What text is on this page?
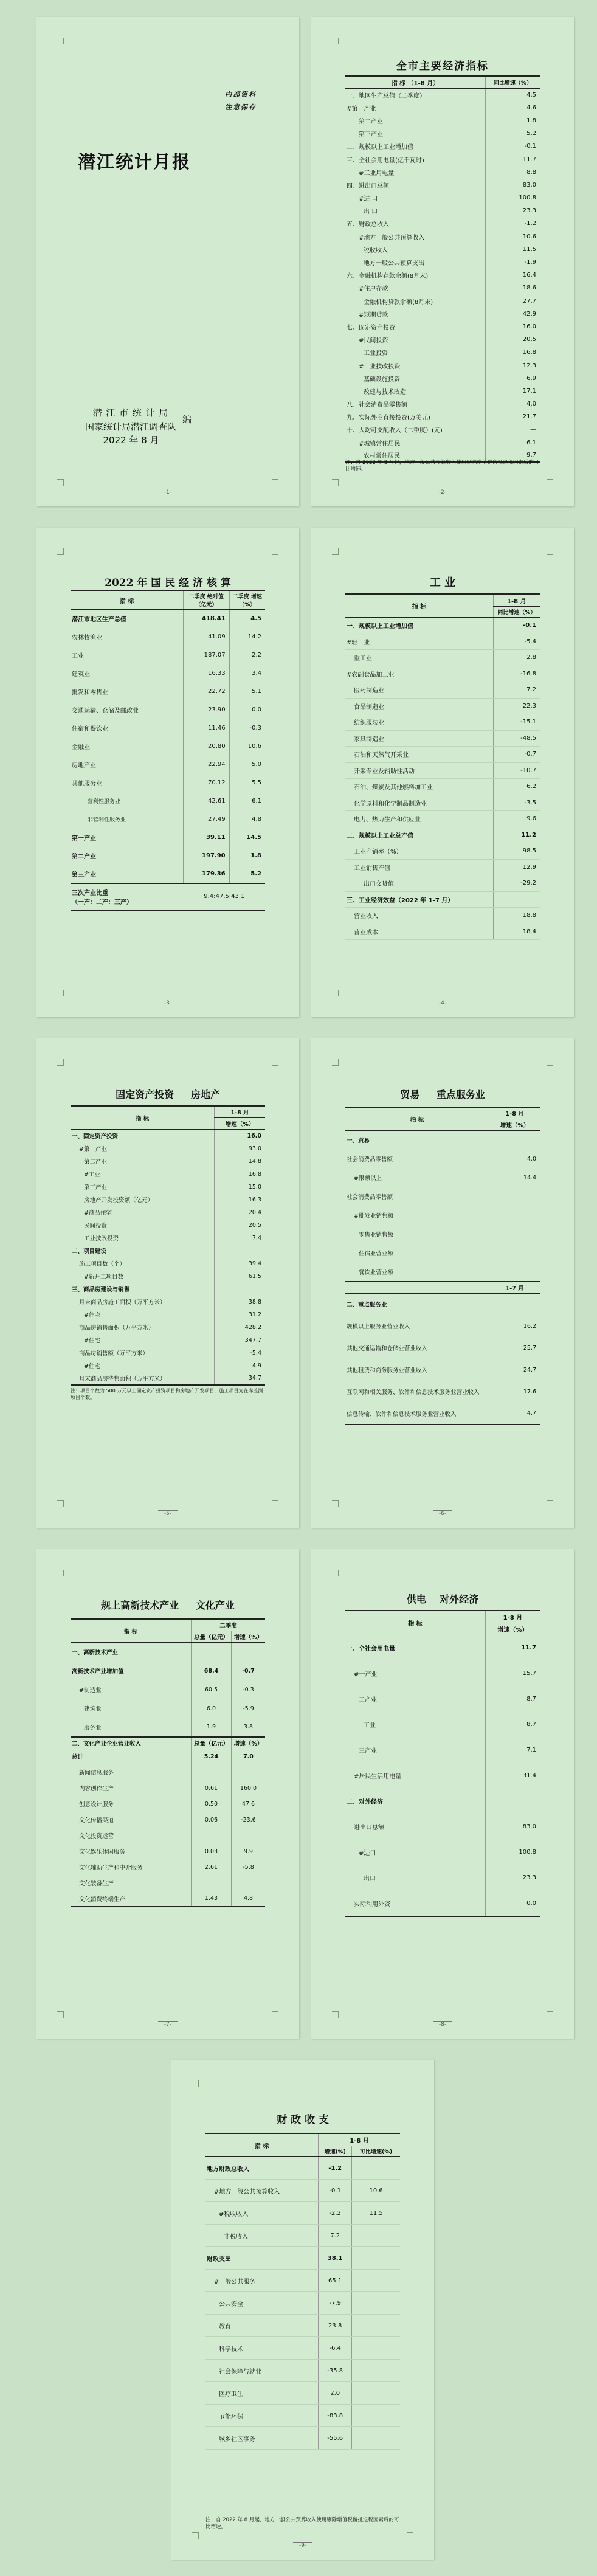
内部资料
注意保存
潜江统计月报
潜 江 市 统 计 局
国家统计局潜江调查队
编
2022 年 8 月
-1-
全市主要经济指标
指 标 （1-8 月）	同比增速（%）
一、地区生产总值（二季度）	4.5
#第一产业	4.6
第二产业	1.8
第三产业	5.2
二、规模以上工业增加值	-0.1
三、全社会用电量(亿千瓦时)	11.7
#工业用电量	8.8
四、进出口总额	83.0
#进 口	100.8
出 口	23.3
五、财政总收入	-1.2
#地方一般公共预算收入	10.6
税收收入	11.5
地方一般公共预算支出	-1.9
六、金融机构存款余额(8月末)	16.4
#住户存款	18.6
金融机构贷款余额(8月末)	27.7
#短期贷款	42.9
七、固定资产投资	16.0
#民间投资	20.5
工业投资	16.8
#工业技改投资	12.3
基础设施投资	6.9
改建与技术改造	17.1
八、社会消费品零售额	4.0
九、实际外商直接投资(万美元)	21.7
十、人均可支配收入（二季度）(元)	—
#城镇常住居民	6.1
农村常住居民	9.7
注：自 2022 年 8 月起，地方一般公共预算收入使用剔除增值税留抵退税因素后的可比增速。
-2-
2022 年 国 民 经 济 核 算
指 标	二季度 绝对值（亿元）	二季度 增速（%）
潜江市地区生产总值	418.41	4.5
农林牧渔业	41.09	14.2
工业	187.07	2.2
建筑业	16.33	3.4
批发和零售业	22.72	5.1
交通运输、仓储及邮政业	23.90	0.0
住宿和餐饮业	11.46	-0.3
金融业	20.80	10.6
房地产业	22.94	5.0
其他服务业	70.12	5.5
营利性服务业	42.61	6.1
非营利性服务业	27.49	4.8
第一产业	39.11	14.5
第二产业	197.90	1.8
第三产业	179.36	5.2

三次产业比重
（一产：二产：三产）	9.4:47.5:43.1	
-3-
工 业
指 标	1-8 月
	同比增速（%）
一、规模以上工业增加值	-0.1
#轻工业	-5.4
重工业	2.8
#农副食品加工业	-16.8
医药制造业	7.2
食品制造业	22.3
纺织服装业	-15.1
家具制造业	-48.5
石油和天然气开采业	-0.7
开采专业及辅助性活动	-10.7
石油、煤炭及其他燃料加工业	6.2
化学原料和化学制品制造业	-3.5
电力、热力生产和供应业	9.6
二、规模以上工业总产值	11.2
工业产销率（%）	98.5
工业销售产值	12.9
出口交货值	-29.2
三、工业经济效益（2022 年 1-7 月）	
营业收入	18.8
营业成本	18.4
-4-
固定资产投资     房地产
指 标	1-8 月
	增速（%）
一、固定资产投资	16.0
#第一产业	93.0
第二产业	14.8
#工业	16.8
第三产业	15.0
房地产开发投资额（亿元）	16.3
#商品住宅	20.4
民间投资	20.5
工业技改投资	7.4
二、项目建设	
施工项目数（个）	39.4
#新开工项目数	61.5
三、商品房建设与销售	
月末商品房施工面积（万平方米）	38.8
#住宅	31.2
商品房销售面积（万平方米）	428.2
#住宅	347.7
商品房销售额（万平方米）	-5.4
#住宅	4.9
月末商品房待售面积（万平方米）	34.7
注：项目个数为 500 万元以上固定资产投资项目和房地产开发项目，施工项目为在库监测项目个数。
-5-
贸易     重点服务业
指 标	1-8 月
	增速（%）
一、贸易	
社会消费品零售额	4.0
#限额以上	14.4
社会消费品零售额	
#批发业销售额	
零售业销售额	
住宿业营业额	
餐饮业营业额	
	1-7 月
二、重点服务业	
规模以上服务业营业收入	16.2
其他交通运输和仓储业营业收入	25.7
其他租赁和商务服务业营业收入	24.7
互联网和相关服务、软件和信息技术服务业营业收入	17.6
信息传输、软件和信息技术服务业营业收入	4.7
-6-
规上高新技术产业     文化产业
指 标	二季度	
	总量（亿元）	增速（%）
一、高新技术产业		
高新技术产业增加值	68.4	-0.7
#制造业	60.5	-0.3
建筑业	6.0	-5.9
服务业	1.9	3.8
二、文化产业企业营业收入	总量（亿元）	增速（%）
总计	5.24	7.0
新闻信息服务		
内容创作生产	0.61	160.0
创意设计服务	0.50	47.6
文化传播渠道	0.06	-23.6
文化投资运营		
文化娱乐休闲服务	0.03	9.9
文化辅助生产和中介服务	2.61	-5.8
文化装备生产		
文化消费终端生产	1.43	4.8
-7-
供电    对外经济
指 标	1-8 月
	增速（%）
一、全社会用电量	11.7
#一产业	15.7
二产业	8.7
工业	8.7
三产业	7.1
#居民生活用电量	31.4
二、对外经济	
进出口总额	83.0
#进口	100.8
出口	23.3
实际利用外资	0.0
-8-
财 政 收 支
指 标	1-8 月	
	增速(%)	可比增速(%)
地方财政总收入	-1.2	
#地方一般公共预算收入	-0.1	10.6
#税收收入	-2.2	11.5
非税收入	7.2	
财政支出	38.1	
#一般公共服务	65.1	
公共安全	-7.9	
教育	23.8	
科学技术	-6.4	
社会保障与就业	-35.8	
医疗卫生	2.0	
节能环保	-83.8	
城乡社区事务	-55.6	
注：自 2022 年 8 月起，地方一般公共预算收入使用剔除增值税留抵退税因素后的可比增速。
-9-
